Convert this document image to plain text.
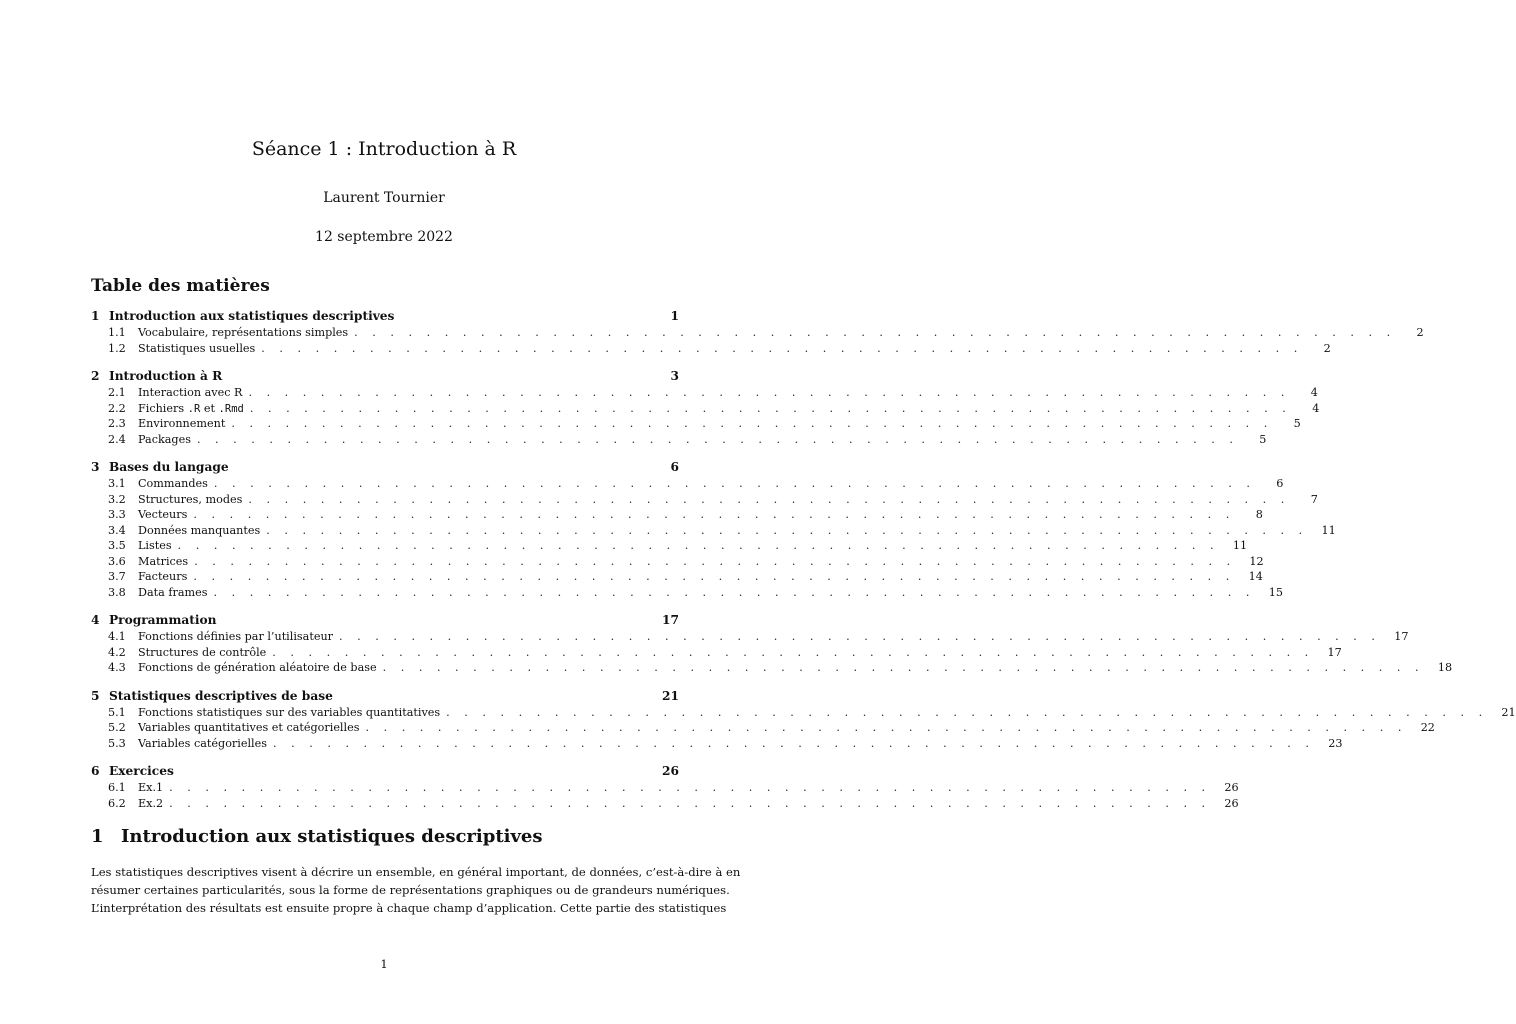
Séance 1 : Introduction à R
Laurent Tournier
12 septembre 2022
Table des matières
1 Introduction aux statistiques descriptives	1
1.1	Vocabulaire, représentations simples . . . . . . . . . . . . . . . . . . . . . . . . . . . . . . . . . . . . . . . . . . . . . . . . . . . . . . . . . .	2
1.2	Statistiques usuelles . . . . . . . . . . . . . . . . . . . . . . . . . . . . . . . . . . . . . . . . . . . . . . . . . . . . . . . . . .	2
2 Introduction à R	3
2.1	Interaction avec R . . . . . . . . . . . . . . . . . . . . . . . . . . . . . . . . . . . . . . . . . . . . . . . . . . . . . . . . . .	4
2.2	Fichiers .R et .Rmd . . . . . . . . . . . . . . . . . . . . . . . . . . . . . . . . . . . . . . . . . . . . . . . . . . . . . . . . . .	4
2.3	Environnement . . . . . . . . . . . . . . . . . . . . . . . . . . . . . . . . . . . . . . . . . . . . . . . . . . . . . . . . . .	5
2.4	Packages . . . . . . . . . . . . . . . . . . . . . . . . . . . . . . . . . . . . . . . . . . . . . . . . . . . . . . . . . .	5
3 Bases du langage	6
3.1	Commandes . . . . . . . . . . . . . . . . . . . . . . . . . . . . . . . . . . . . . . . . . . . . . . . . . . . . . . . . . .	6
3.2	Structures, modes . . . . . . . . . . . . . . . . . . . . . . . . . . . . . . . . . . . . . . . . . . . . . . . . . . . . . . . . . .	7
3.3	Vecteurs . . . . . . . . . . . . . . . . . . . . . . . . . . . . . . . . . . . . . . . . . . . . . . . . . . . . . . . . . .	8
3.4	Données manquantes . . . . . . . . . . . . . . . . . . . . . . . . . . . . . . . . . . . . . . . . . . . . . . . . . . . . . . . . . .	11
3.5	Listes . . . . . . . . . . . . . . . . . . . . . . . . . . . . . . . . . . . . . . . . . . . . . . . . . . . . . . . . . .	11
3.6	Matrices . . . . . . . . . . . . . . . . . . . . . . . . . . . . . . . . . . . . . . . . . . . . . . . . . . . . . . . . . .	12
3.7	Facteurs . . . . . . . . . . . . . . . . . . . . . . . . . . . . . . . . . . . . . . . . . . . . . . . . . . . . . . . . . .	14
3.8	Data frames . . . . . . . . . . . . . . . . . . . . . . . . . . . . . . . . . . . . . . . . . . . . . . . . . . . . . . . . . .	15
4 Programmation	17
4.1	Fonctions définies par l’utilisateur . . . . . . . . . . . . . . . . . . . . . . . . . . . . . . . . . . . . . . . . . . . . . . . . . . . . . . . . . .	17
4.2	Structures de contrôle . . . . . . . . . . . . . . . . . . . . . . . . . . . . . . . . . . . . . . . . . . . . . . . . . . . . . . . . . .	17
4.3	Fonctions de génération aléatoire de base . . . . . . . . . . . . . . . . . . . . . . . . . . . . . . . . . . . . . . . . . . . . . . . . . . . . . . . . . .	18
5 Statistiques descriptives de base	21
5.1	Fonctions statistiques sur des variables quantitatives . . . . . . . . . . . . . . . . . . . . . . . . . . . . . . . . . . . . . . . . . . . . . . . . . . . . . . . . . .	21
5.2	Variables quantitatives et catégorielles . . . . . . . . . . . . . . . . . . . . . . . . . . . . . . . . . . . . . . . . . . . . . . . . . . . . . . . . . .	22
5.3	Variables catégorielles . . . . . . . . . . . . . . . . . . . . . . . . . . . . . . . . . . . . . . . . . . . . . . . . . . . . . . . . . .	23
6 Exercices	26
6.1	Ex.1 . . . . . . . . . . . . . . . . . . . . . . . . . . . . . . . . . . . . . . . . . . . . . . . . . . . . . . . . . .	26
6.2	Ex.2 . . . . . . . . . . . . . . . . . . . . . . . . . . . . . . . . . . . . . . . . . . . . . . . . . . . . . . . . . .	26
1 Introduction aux statistiques descriptives
Les statistiques descriptives visent à décrire un ensemble, en général important, de données, c’est-à-dire à en
résumer certaines particularités, sous la forme de représentations graphiques ou de grandeurs numériques.
L’interprétation des résultats est ensuite propre à chaque champ d’application. Cette partie des statistiques
1
